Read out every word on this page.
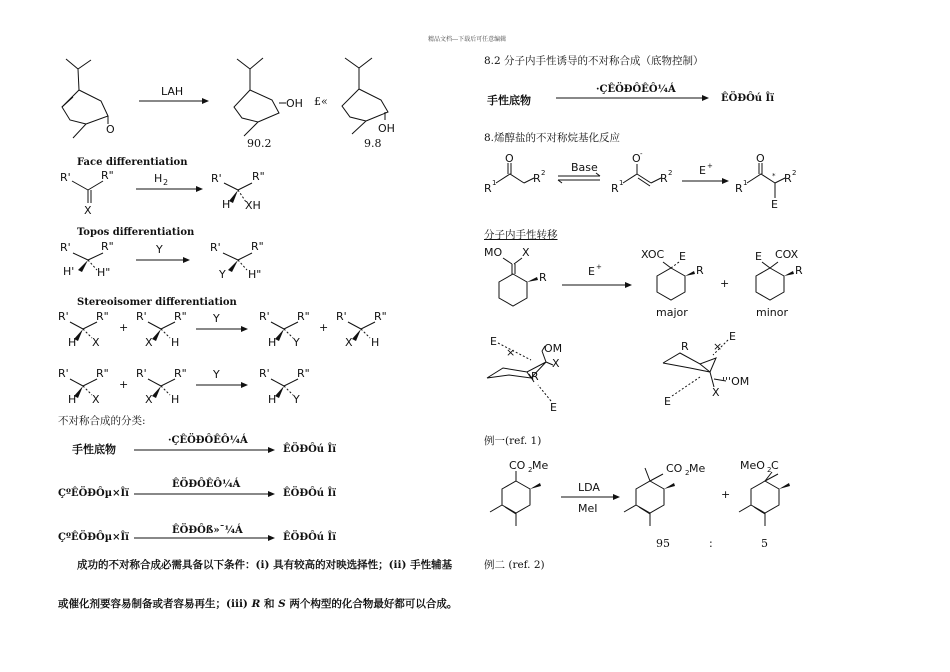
精品文档---下载后可任意编辑
O
LAH
OH
90.2
£«
OH
9.8
Face differentiation
R'	R"
X
H 2	R'	R"
H XH
Topos differentiation
R'	R"
H' H"
Y	R'	R"
Y H"
Stereoisomer differentiation
R' R"
H X
+
R' R"
X H
Y	R' R"
H Y
+
R' R"
X H
R' R"
H X
+
R' R"
X H
Y	R' R"
H Y
不对称合成的分类:
手性底物
·ÇÊÖÐÔÊÔ¼Á
ÊÖÐÔú Îï
ÇºÊÖÐÔµ×Îï
ÊÖÐÔÊÔ¼Á
ÊÖÐÔú Îï
ÇºÊÖÐÔµ×Îï
ÊÖÐÔß»¯¼Á
ÊÖÐÔú Îï
成功的不对称合成必需具备以下条件：(i) 具有较高的对映选择性；(ii) 手性辅基
或催化剂要容易制备或者容易再生；(iii) R 和 S 两个构型的化合物最好都可以合成。
8.2 分子内手性诱导的不对称合成（底物控制）
手性底物
·ÇÊÖÐÔÊÔ¼Á
ÊÖÐÔú Îï
8.烯醇盐的不对称烷基化反应
R 1
O
R 2 Base
R 1
O -
R 2 E +
R 1
O
* R 2
E
分子内手性转移
MO X
R	E +
XOC E
R
major
+
E COX
R
minor
OM
X
R
E
×
E
R
X
'''OM
E
×
E
例一(ref. 1)
CO 2 Me
LDA
MeI
CO 2 Me
95
+
:
MeO 2 C
5
例二 (ref. 2)
